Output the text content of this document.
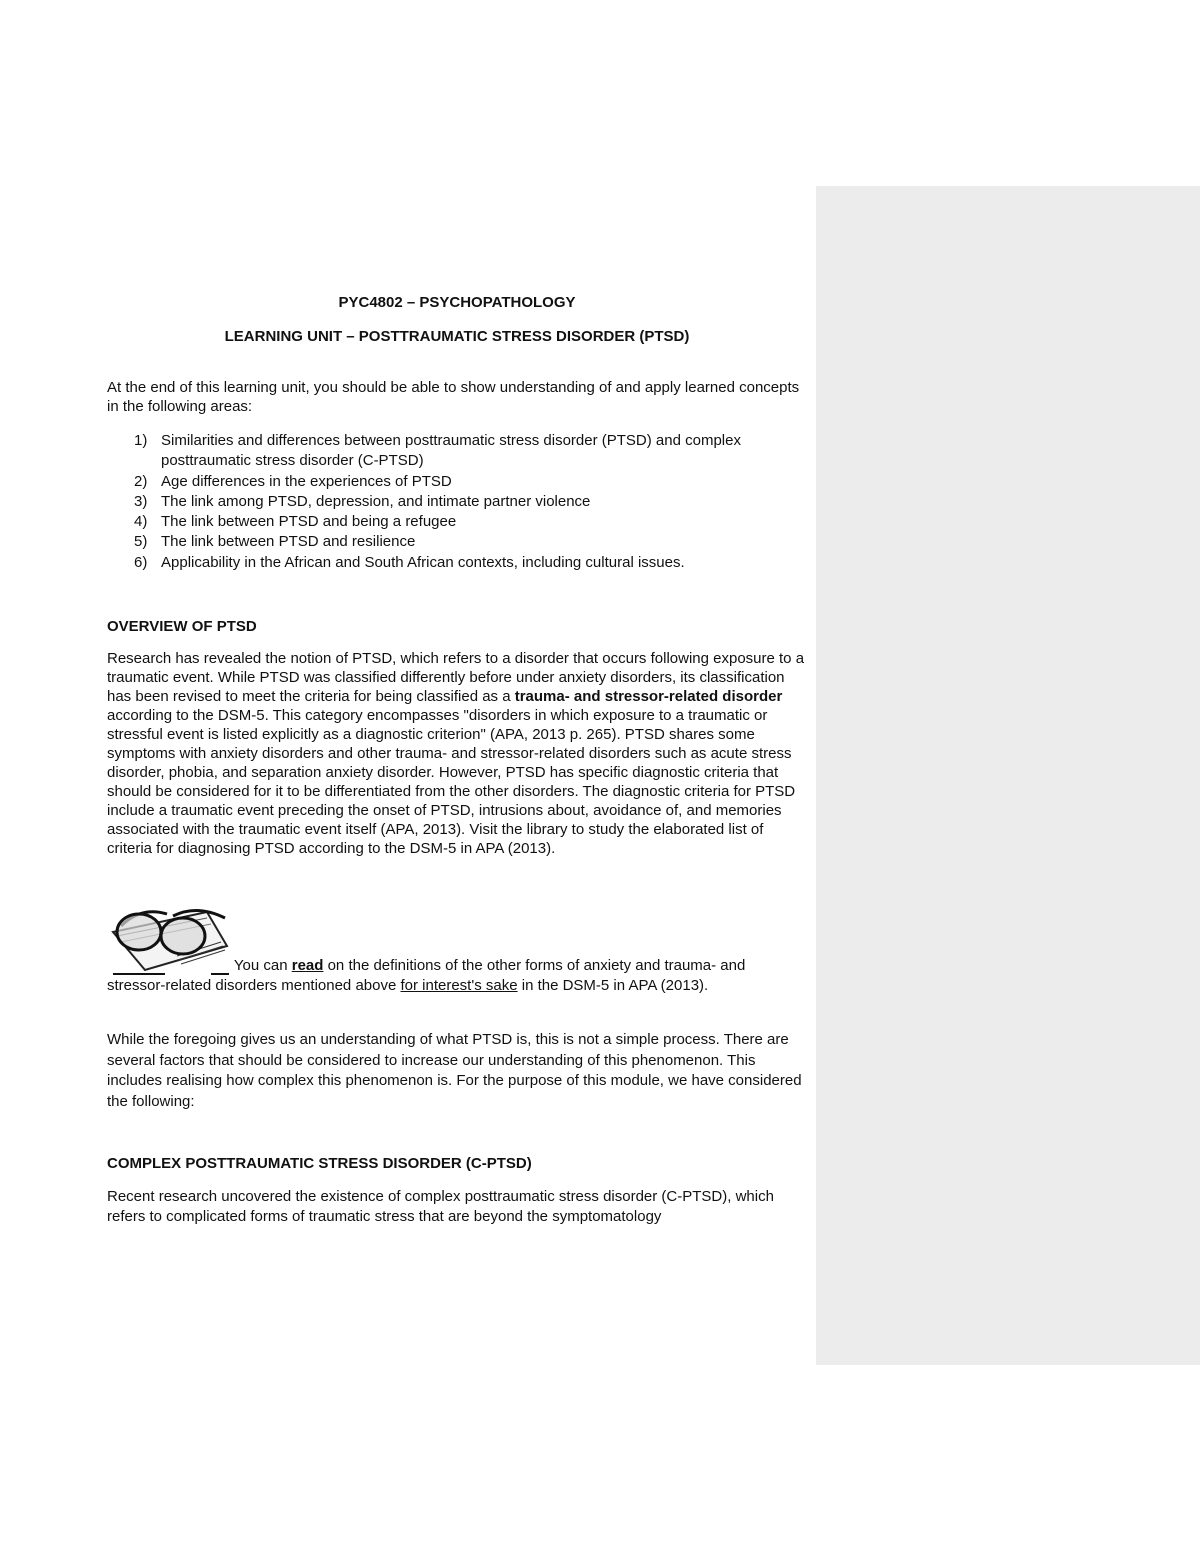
PYC4802 – PSYCHOPATHOLOGY
LEARNING UNIT – POSTTRAUMATIC STRESS DISORDER (PTSD)

At the end of this learning unit, you should be able to show understanding of and apply learned concepts in the following areas:

1) Similarities and differences between posttraumatic stress disorder (PTSD) and complex posttraumatic stress disorder (C-PTSD)
2) Age differences in the experiences of PTSD
3) The link among PTSD, depression, and intimate partner violence
4) The link between PTSD and being a refugee
5) The link between PTSD and resilience
6) Applicability in the African and South African contexts, including cultural issues.
OVERVIEW OF PTSD

Research has revealed the notion of PTSD, which refers to a disorder that occurs following exposure to a traumatic event. While PTSD was classified differently before under anxiety disorders, its classification has been revised to meet the criteria for being classified as a trauma- and stressor-related disorder according to the DSM-5. This category encompasses "disorders in which exposure to a traumatic or stressful event is listed explicitly as a diagnostic criterion" (APA, 2013 p. 265). PTSD shares some symptoms with anxiety disorders and other trauma- and stressor-related disorders such as acute stress disorder, phobia, and separation anxiety disorder. However, PTSD has specific diagnostic criteria that should be considered for it to be differentiated from the other disorders. The diagnostic criteria for PTSD include a traumatic event preceding the onset of PTSD, intrusions about, avoidance of, and memories associated with the traumatic event itself (APA, 2013). Visit the library to study the elaborated list of criteria for diagnosing PTSD according to the DSM-5 in APA (2013).

You can read on the definitions of the other forms of anxiety and trauma- and stressor-related disorders mentioned above for interest's sake in the DSM-5 in APA (2013).

While the foregoing gives us an understanding of what PTSD is, this is not a simple process. There are several factors that should be considered to increase our understanding of this phenomenon. This includes realising how complex this phenomenon is. For the purpose of this module, we have considered the following:

COMPLEX POSTTRAUMATIC STRESS DISORDER (C-PTSD)

Recent research uncovered the existence of complex posttraumatic stress disorder (C-PTSD), which refers to complicated forms of traumatic stress that are beyond the symptomatology
